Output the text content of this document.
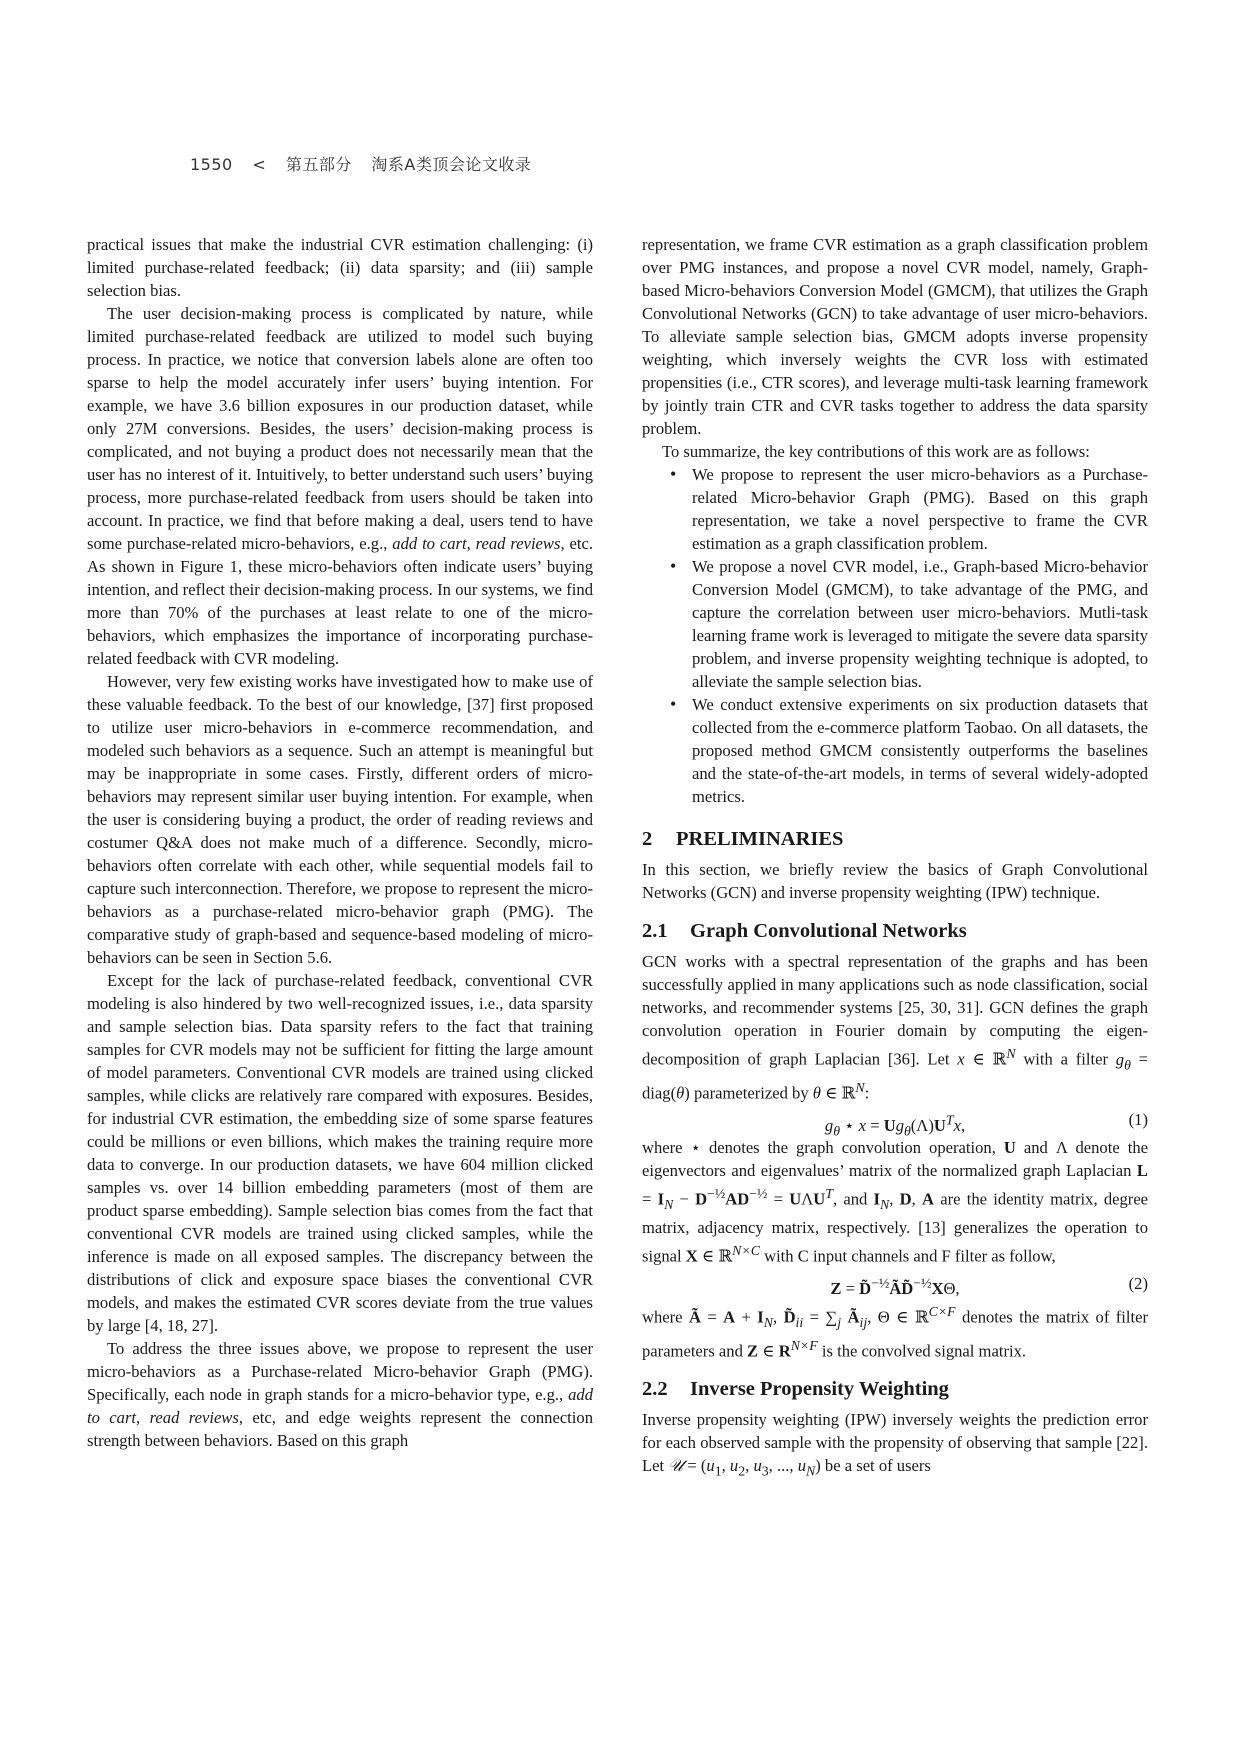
1550 < 第五部分 淘系A类顶会论文收录

practical issues that make the industrial CVR estimation challenging: (i) limited purchase-related feedback; (ii) data sparsity; and (iii) sample selection bias.

The user decision-making process is complicated by nature, while limited purchase-related feedback are utilized to model such buying process. In practice, we notice that conversion labels alone are often too sparse to help the model accurately infer users’ buying intention. For example, we have 3.6 billion exposures in our production dataset, while only 27M conversions. Besides, the users’ decision-making process is complicated, and not buying a product does not necessarily mean that the user has no interest of it. Intuitively, to better understand such users’ buying process, more purchase-related feedback from users should be taken into account. In practice, we find that before making a deal, users tend to have some purchase-related micro-behaviors, e.g., add to cart, read reviews, etc. As shown in Figure 1, these micro-behaviors often indicate users’ buying intention, and reflect their decision-making process. In our systems, we find more than 70% of the purchases at least relate to one of the micro-behaviors, which emphasizes the importance of incorporating purchase-related feedback with CVR modeling.

However, very few existing works have investigated how to make use of these valuable feedback. To the best of our knowledge, [37] first proposed to utilize user micro-behaviors in e-commerce recommendation, and modeled such behaviors as a sequence. Such an attempt is meaningful but may be inappropriate in some cases. Firstly, different orders of micro-behaviors may represent similar user buying intention. For example, when the user is considering buying a product, the order of reading reviews and costumer Q&A does not make much of a difference. Secondly, micro-behaviors often correlate with each other, while sequential models fail to capture such interconnection. Therefore, we propose to represent the micro-behaviors as a purchase-related micro-behavior graph (PMG). The comparative study of graph-based and sequence-based modeling of micro-behaviors can be seen in Section 5.6.

Except for the lack of purchase-related feedback, conventional CVR modeling is also hindered by two well-recognized issues, i.e., data sparsity and sample selection bias. Data sparsity refers to the fact that training samples for CVR models may not be sufficient for fitting the large amount of model parameters. Conventional CVR models are trained using clicked samples, while clicks are relatively rare compared with exposures. Besides, for industrial CVR estimation, the embedding size of some sparse features could be millions or even billions, which makes the training require more data to converge. In our production datasets, we have 604 million clicked samples vs. over 14 billion embedding parameters (most of them are product sparse embedding). Sample selection bias comes from the fact that conventional CVR models are trained using clicked samples, while the inference is made on all exposed samples. The discrepancy between the distributions of click and exposure space biases the conventional CVR models, and makes the estimated CVR scores deviate from the true values by large [4, 18, 27].

To address the three issues above, we propose to represent the user micro-behaviors as a Purchase-related Micro-behavior Graph (PMG). Specifically, each node in graph stands for a micro-behavior type, e.g., add to cart, read reviews, etc, and edge weights represent the connection strength between behaviors. Based on this graph

representation, we frame CVR estimation as a graph classification problem over PMG instances, and propose a novel CVR model, namely, Graph-based Micro-behaviors Conversion Model (GMCM), that utilizes the Graph Convolutional Networks (GCN) to take advantage of user micro-behaviors. To alleviate sample selection bias, GMCM adopts inverse propensity weighting, which inversely weights the CVR loss with estimated propensities (i.e., CTR scores), and leverage multi-task learning framework by jointly train CTR and CVR tasks together to address the data sparsity problem.

To summarize, the key contributions of this work are as follows:

• We propose to represent the user micro-behaviors as a Purchase-related Micro-behavior Graph (PMG). Based on this graph representation, we take a novel perspective to frame the CVR estimation as a graph classification problem.
• We propose a novel CVR model, i.e., Graph-based Micro-behavior Conversion Model (GMCM), to take advantage of the PMG, and capture the correlation between user micro-behaviors. Mutli-task learning frame work is leveraged to mitigate the severe data sparsity problem, and inverse propensity weighting technique is adopted, to alleviate the sample selection bias.
• We conduct extensive experiments on six production datasets that collected from the e-commerce platform Taobao. On all datasets, the proposed method GMCM consistently outperforms the baselines and the state-of-the-art models, in terms of several widely-adopted metrics.
2 PRELIMINARIES

In this section, we briefly review the basics of Graph Convolutional Networks (GCN) and inverse propensity weighting (IPW) technique.

2.1 Graph Convolutional Networks

GCN works with a spectral representation of the graphs and has been successfully applied in many applications such as node classification, social networks, and recommender systems [25, 30, 31]. GCN defines the graph convolution operation in Fourier domain by computing the eigen-decomposition of graph Laplacian [36]. Let x ∈ ℝ$^N$ with a filter $g_\theta$ = diag(θ) parameterized by θ ∈ ℝ$^N$:

$g_\theta$ ⋆ $x = Ug_\theta(\Lambda)U^Tx$,	(1)

where ⋆ denotes the graph convolution operation, U and Λ denote the eigenvectors and eigenvalues’ matrix of the normalized graph Laplacian $L = I_N - D^{-\frac{1}{2}}AD^{-\frac{1}{2}} = U\Lambda U^T$, and $I_N$, D, A are the identity matrix, degree matrix, adjacency matrix, respectively. [13] generalizes the operation to signal X ∈ ℝ$^{N\times C}$ with C input channels and F filter as follow,

Z = D̃$^{-\frac{1}{2}}$ÃD̃$^{-\frac{1}{2}}$XΘ,	(2)

where Ã = $A + I_N$, $D̃_{ii} = \sum_j$ $Ã_{ij}$, Θ ∈ ℝ$^{C\times F}$ denotes the matrix of filter parameters and Z ∈ $R^{N\times F}$ is the convolved signal matrix.

2.2 Inverse Propensity Weighting

Inverse propensity weighting (IPW) inversely weights the prediction error for each observed sample with the propensity of observing that sample [22]. Let 𝒰 = ($u_1$, $u_2$, $u_3$, ..., $u_N$) be a set of users
